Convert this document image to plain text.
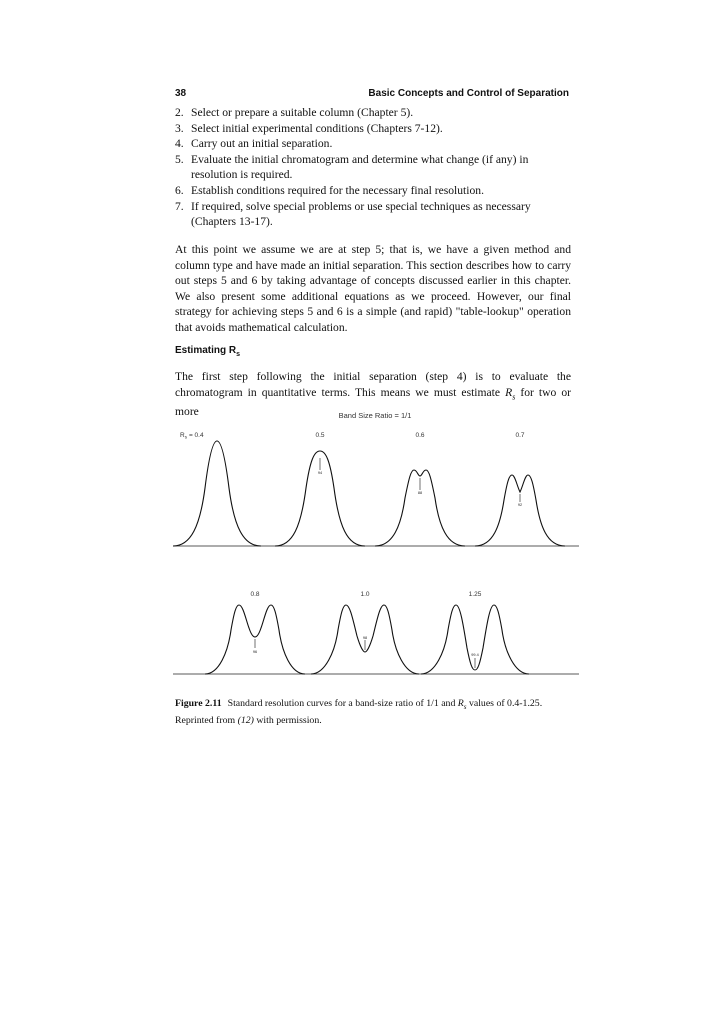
38	Basic Concepts and Control of Separation
2. Select or prepare a suitable column (Chapter 5).
3. Select initial experimental conditions (Chapters 7-12).
4. Carry out an initial separation.
5. Evaluate the initial chromatogram and determine what change (if any) in resolution is required.
6. Establish conditions required for the necessary final resolution.
7. If required, solve special problems or use special techniques as necessary (Chapters 13-17).

At this point we assume we are at step 5; that is, we have a given method and column type and have made an initial separation. This section describes how to carry out steps 5 and 6 by taking advantage of concepts discussed earlier in this chapter. We also present some additional equations as we proceed. However, our final strategy for achieving steps 5 and 6 is a simple (and rapid) "table-lookup" operation that avoids mathematical calculation.

Estimating $R_s$

The first step following the initial separation (step 4) is to evaluate the chromatogram in quantitative terms. This means we must estimate $R_s$ for two or more	Band Size Ratio = 1/1
$R_s = 0.4$	0.5	0.6	0.7
0.8	1.0	1.25
94
88
92
96
98
99.4
Figure 2.11 Standard resolution curves for a band-size ratio of 1/1 and $R_s$ values of 0.4-1.25. Reprinted from (12) with permission.
